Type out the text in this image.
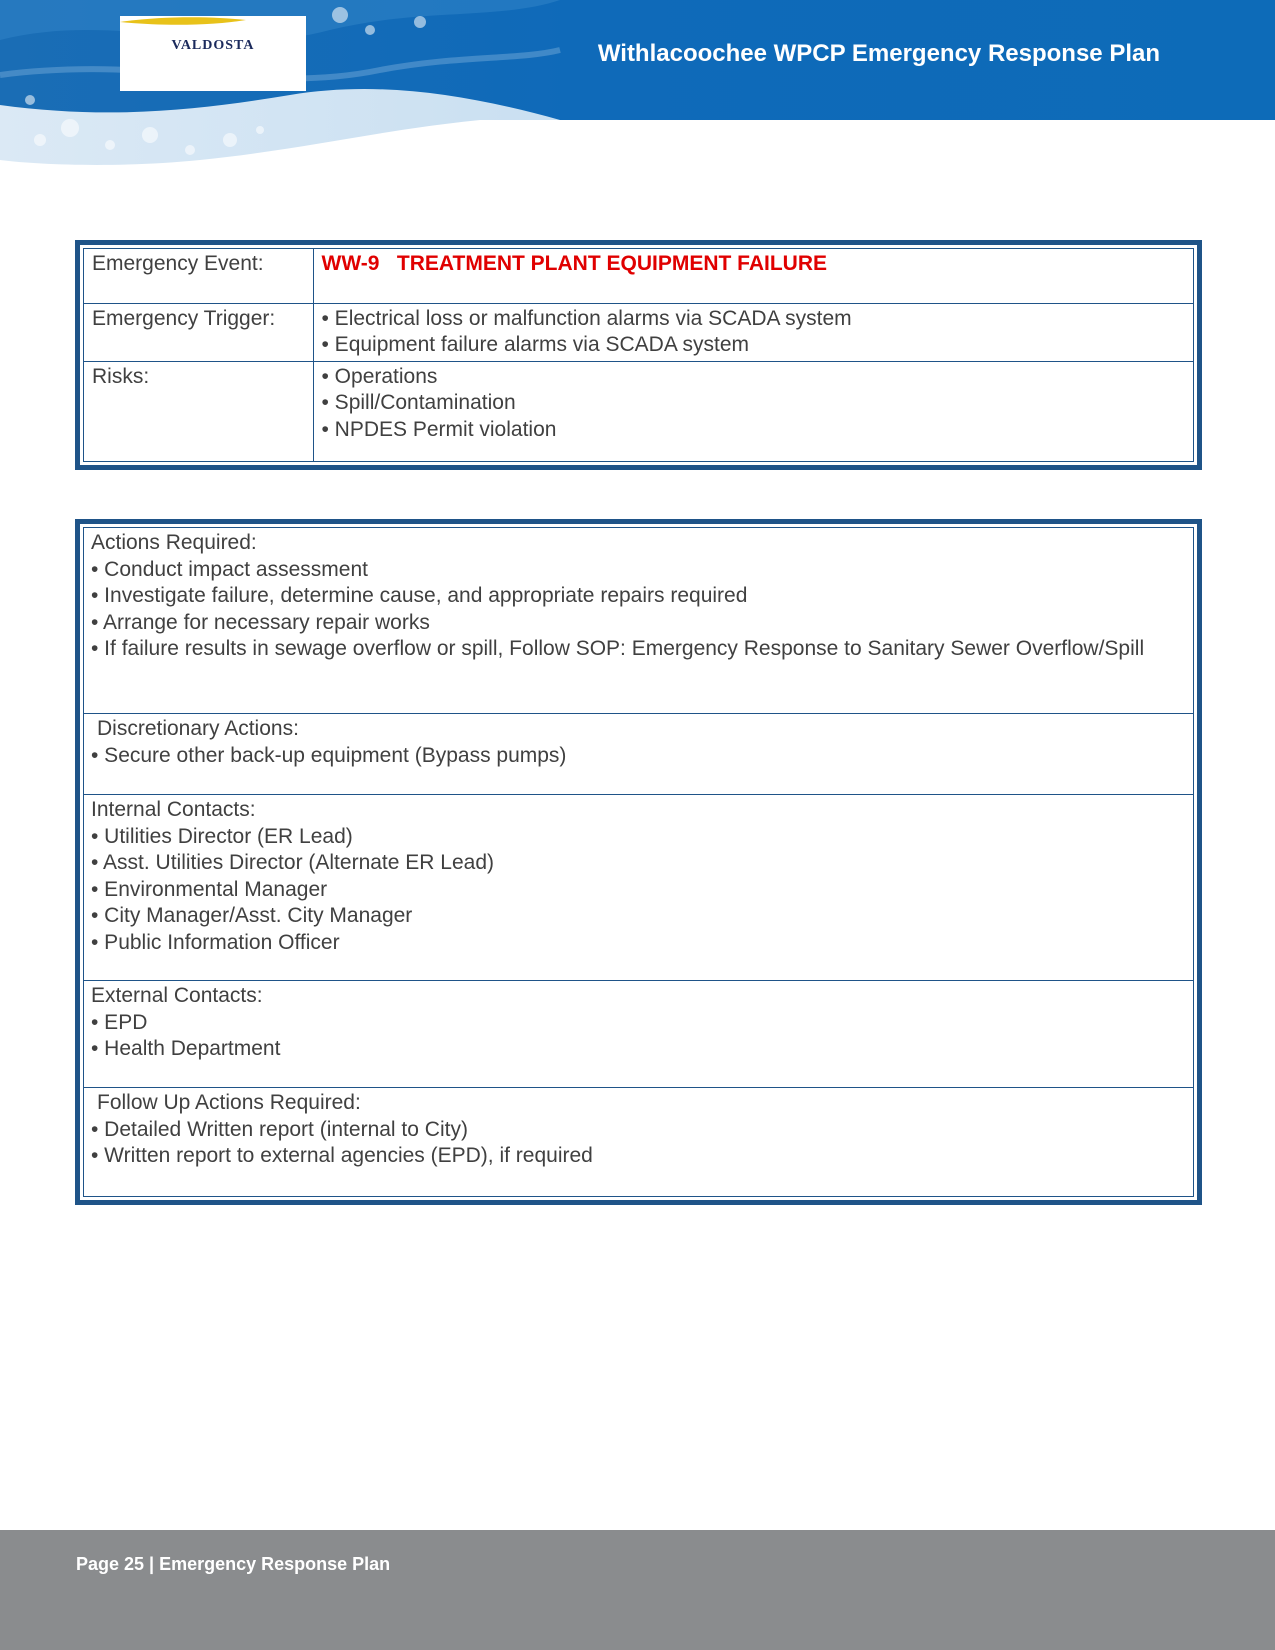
VALDOSTA	Withlacoochee WPCP Emergency Response Plan
Emergency Event:	WW-9   TREATMENT PLANT EQUIPMENT FAILURE
Emergency Trigger:	• Electrical loss or malfunction alarms via SCADA system
• Equipment failure alarms via SCADA system

Risks:	• Operations
• Spill/Contamination
• NPDES Permit violation
Actions Required:
• Conduct impact assessment
• Investigate failure, determine cause, and appropriate repairs required
• Arrange for necessary repair works
• If failure results in sewage overflow or spill, Follow SOP: Emergency Response to Sanitary Sewer Overflow/Spill
Discretionary Actions:
• Secure other back-up equipment (Bypass pumps)
Internal Contacts:
• Utilities Director (ER Lead)
• Asst. Utilities Director (Alternate ER Lead)
• Environmental Manager
• City Manager/Asst. City Manager
• Public Information Officer
External Contacts:
• EPD
• Health Department
Follow Up Actions Required:
• Detailed Written report (internal to City)
• Written report to external agencies (EPD), if required
Page 25 | Emergency Response Plan
